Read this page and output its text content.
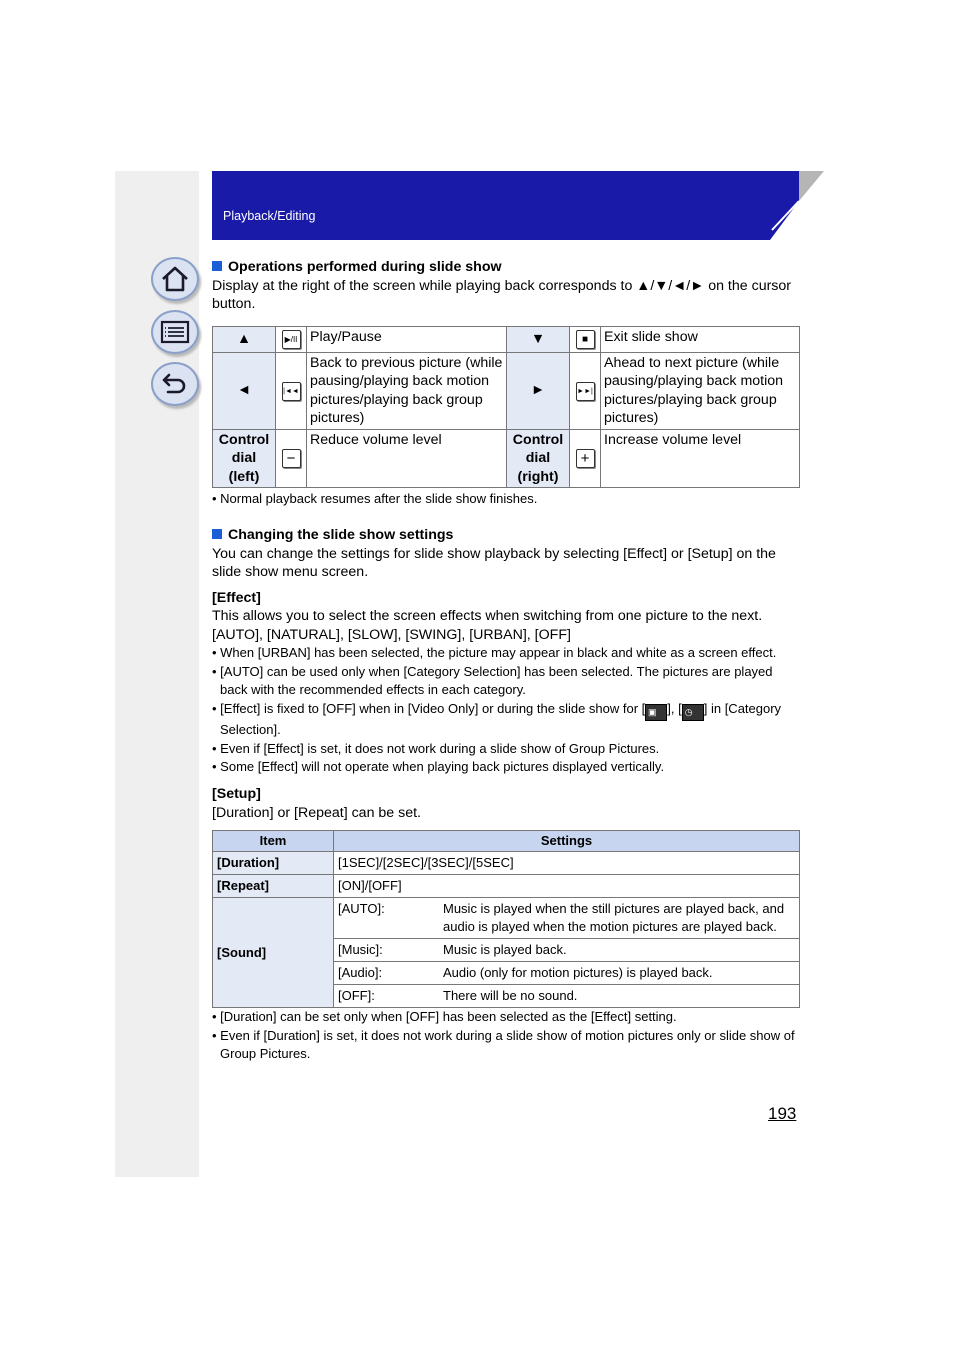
Playback/Editing

Operations performed during slide show

Display at the right of the screen while playing back corresponds to ▲/▼/◄/► on the cursor button.

▲	▶/II	Play/Pause	▼	■	Exit slide show
◄	|◄◄	Back to previous picture (while pausing/playing back motion pictures/playing back group pictures)	►	►►|	Ahead to next picture (while pausing/playing back motion pictures/playing back group pictures)
Control
dial
(left)	−	Reduce volume level	Control
dial
(right)	+	Increase volume level

• Normal playback resumes after the slide show finishes.

Changing the slide show settings

You can change the settings for slide show playback by selecting [Effect] or [Setup] on the slide show menu screen.

[Effect]

This allows you to select the screen effects when switching from one picture to the next.

[AUTO], [NATURAL], [SLOW], [SWING], [URBAN], [OFF]

• When [URBAN] has been selected, the picture may appear in black and white as a screen effect.

• [AUTO] can be used only when [Category Selection] has been selected. The pictures are played back with the recommended effects in each category.

• [Effect] is fixed to [OFF] when in [Video Only] or during the slide show for [ ▣ ], [ ◷ ] in [Category Selection].

• Even if [Effect] is set, it does not work during a slide show of Group Pictures.

• Some [Effect] will not operate when playing back pictures displayed vertically.

[Setup]

[Duration] or [Repeat] can be set.

Item	Settings
[Duration]	[1SEC]/[2SEC]/[3SEC]/[5SEC]
[Repeat]	[ON]/[OFF]
[Sound]	[AUTO]: Music is played when the still pictures are played back, and audio is played when the motion pictures are played back.

	[Music]: Music is played back.

	[Audio]: Audio (only for motion pictures) is played back.

	[OFF]: There will be no sound.

• [Duration] can be set only when [OFF] has been selected as the [Effect] setting.

• Even if [Duration] is set, it does not work during a slide show of motion pictures only or slide show of Group Pictures.

193
